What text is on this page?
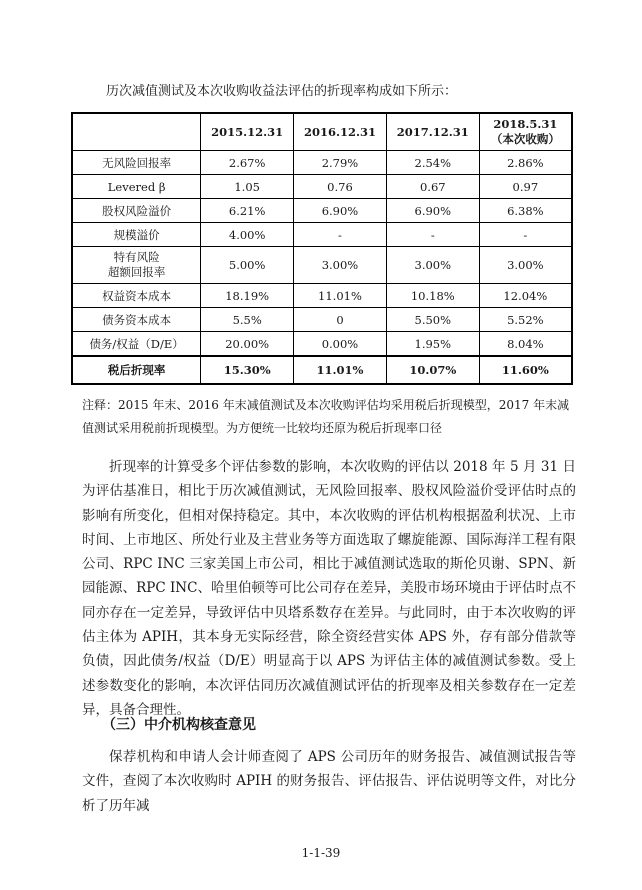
历次减值测试及本次收购收益法评估的折现率构成如下所示：
	2015.12.31	2016.12.31	2017.12.31	2018.5.31
（本次收购）
无风险回报率	2.67%	2.79%	2.54%	2.86%
Levered β	1.05	0.76	0.67	0.97
股权风险溢价	6.21%	6.90%	6.90%	6.38%
规模溢价	4.00%	-	-	-
特有风险
超额回报率	5.00%	3.00%	3.00%	3.00%
权益资本成本	18.19%	11.01%	10.18%	12.04%
债务资本成本	5.5%	0	5.50%	5.52%
债务/权益（D/E）	20.00%	0.00%	1.95%	8.04%
税后折现率	15.30%	11.01%	10.07%	11.60%
注释：2015 年末、2016 年末减值测试及本次收购评估均采用税后折现模型，2017 年末减值测试采用税前折现模型。为方便统一比较均还原为税后折现率口径
折现率的计算受多个评估参数的影响，本次收购的评估以 2018 年 5 月 31 日为评估基准日，相比于历次减值测试，无风险回报率、股权风险溢价受评估时点的影响有所变化，但相对保持稳定。其中，本次收购的评估机构根据盈利状况、上市时间、上市地区、所处行业及主营业务等方面选取了螺旋能源、国际海洋工程有限公司、RPC INC 三家美国上市公司，相比于减值测试选取的斯伦贝谢、SPN、新园能源、RPC INC、哈里伯顿等可比公司存在差异，美股市场环境由于评估时点不同亦存在一定差异，导致评估中贝塔系数存在差异。与此同时，由于本次收购的评估主体为 APIH，其本身无实际经营，除全资经营实体 APS 外，存有部分借款等负债，因此债务/权益（D/E）明显高于以 APS 为评估主体的减值测试参数。受上述参数变化的影响，本次评估同历次减值测试评估的折现率及相关参数存在一定差异，具备合理性。
（三）中介机构核查意见
保荐机构和申请人会计师查阅了 APS 公司历年的财务报告、减值测试报告等文件，查阅了本次收购时 APIH 的财务报告、评估报告、评估说明等文件，对比分析了历年减
1-1-39
